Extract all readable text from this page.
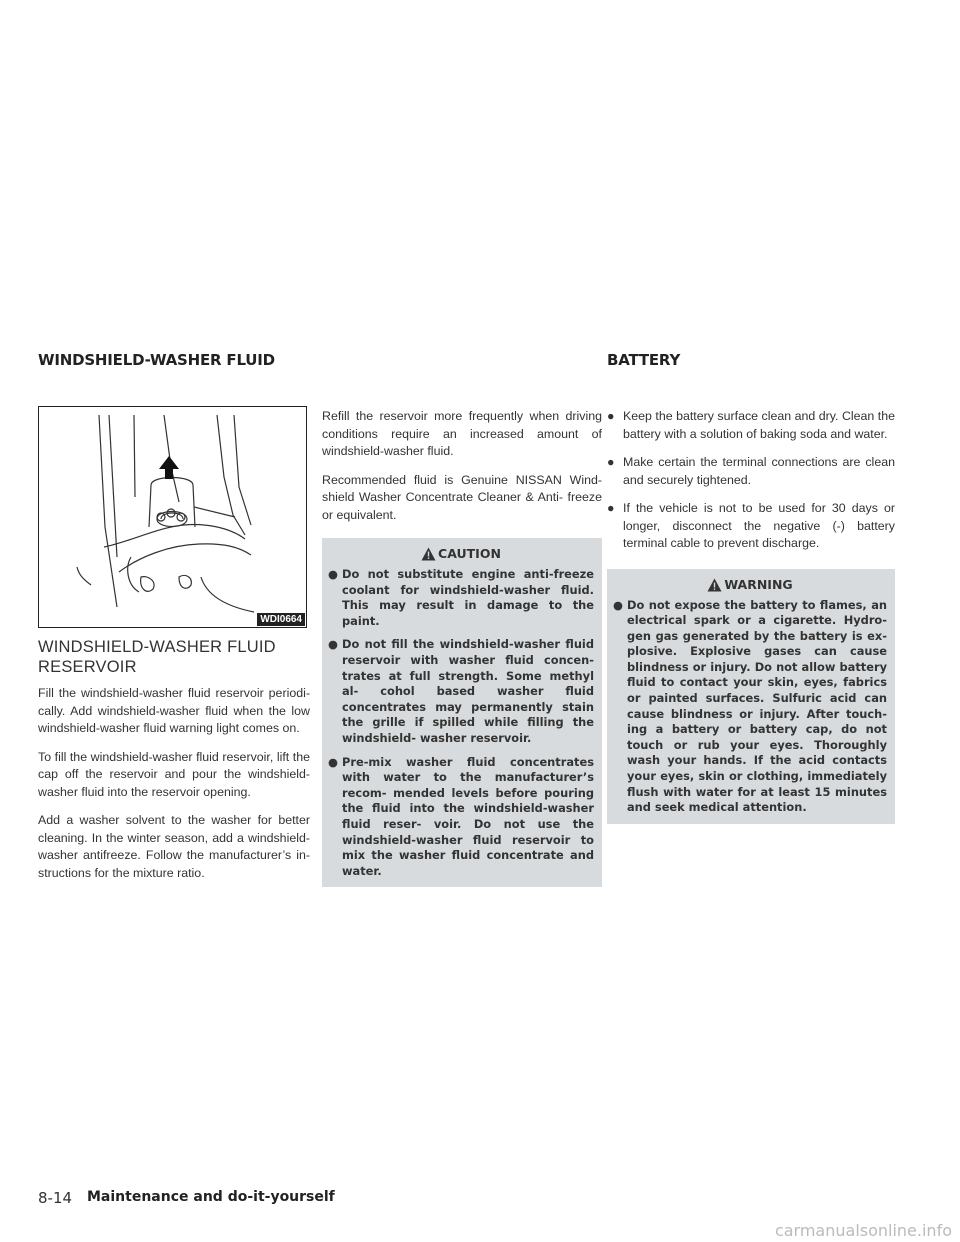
WINDSHIELD-WASHER FLUID	BATTERY
WDI0664
WINDSHIELD-WASHER FLUID RESERVOIR

Fill the windshield-washer fluid reservoir periodi- cally. Add windshield-washer fluid when the low windshield-washer fluid warning light comes on.

To fill the windshield-washer fluid reservoir, lift the cap off the reservoir and pour the windshield- washer fluid into the reservoir opening.

Add a washer solvent to the washer for better cleaning. In the winter season, add a windshield- washer antifreeze. Follow the manufacturer’s in- structions for the mixture ratio.

Refill the reservoir more frequently when driving conditions require an increased amount of windshield-washer fluid.

Recommended fluid is Genuine NISSAN Wind- shield Washer Concentrate Cleaner & Anti- freeze or equivalent.

CAUTION
● Do not substitute engine anti-freeze coolant for windshield-washer fluid. This may result in damage to the paint.
● Do not fill the windshield-washer fluid reservoir with washer fluid concen- trates at full strength. Some methyl al- cohol based washer fluid concentrates may permanently stain the grille if spilled while filling the windshield- washer reservoir.
● Pre-mix washer fluid concentrates with water to the manufacturer’s recom- mended levels before pouring the fluid into the windshield-washer fluid reser- voir. Do not use the windshield-washer fluid reservoir to mix the washer fluid concentrate and water.
● Keep the battery surface clean and dry. Clean the battery with a solution of baking soda and water.
● Make certain the terminal connections are clean and securely tightened.
● If the vehicle is not to be used for 30 days or longer, disconnect the negative (-) battery terminal cable to prevent discharge.
WARNING
● Do not expose the battery to flames, an electrical spark or a cigarette. Hydro- gen gas generated by the battery is ex- plosive. Explosive gases can cause blindness or injury. Do not allow battery fluid to contact your skin, eyes, fabrics or painted surfaces. Sulfuric acid can cause blindness or injury. After touch- ing a battery or battery cap, do not touch or rub your eyes. Thoroughly wash your hands. If the acid contacts your eyes, skin or clothing, immediately flush with water for at least 15 minutes and seek medical attention.
8-14 Maintenance and do-it-yourself
carmanualsonline.info
